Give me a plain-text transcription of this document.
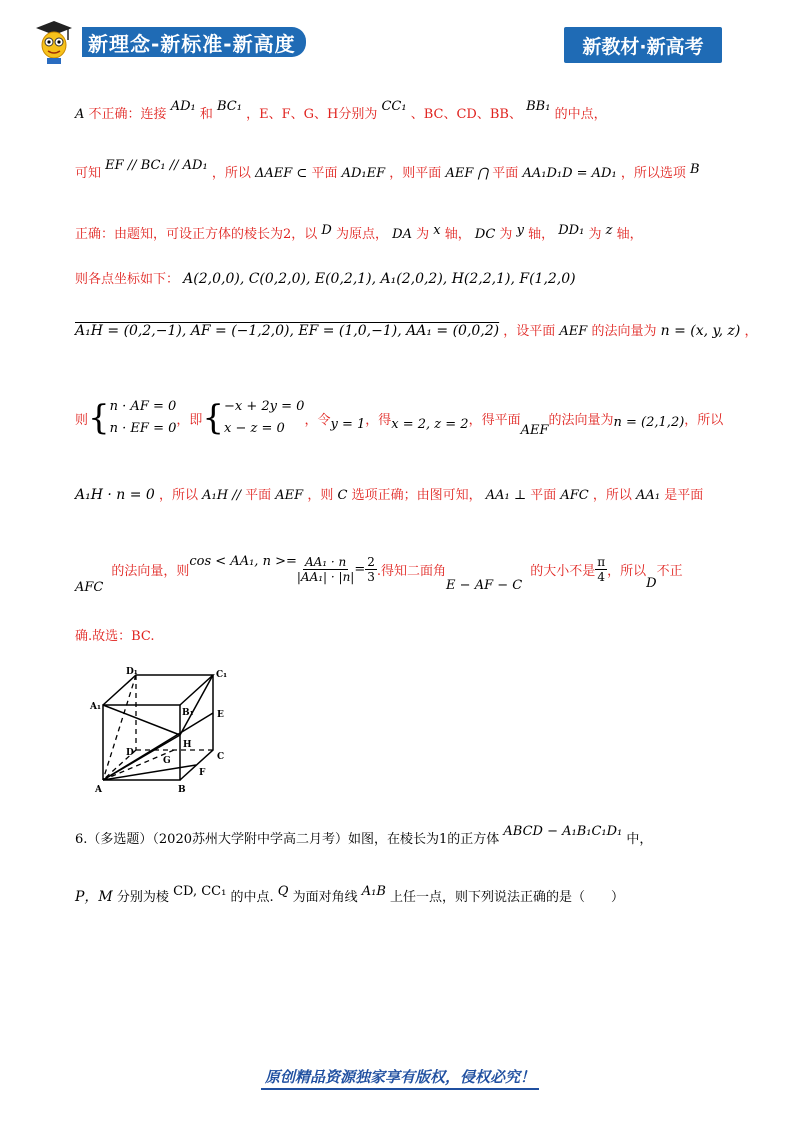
新理念-新标准-新高度	新教材·新高考
A 不正确：连接 AD₁ 和 BC₁ ，E、F、G、H分别为 CC₁ 、BC、CD、BB、 BB₁ 的中点，
可知 EF // BC₁ // AD₁ ，所以 ΔAEF ⊂ 平面 AD₁EF ，则平面 AEF ⋂ 平面 AA₁D₁D = AD₁ ，所以选项 B
正确：由题知，可设正方体的棱长为2，以 D 为原点， DA 为 x 轴， DC 为 y 轴， DD₁ 为 z 轴，
则各点坐标如下： A(2,0,0), C(0,2,0), E(0,2,1), A₁(2,0,2), H(2,2,1), F(1,2,0)
A₁H = (0,2,−1), AF = (−1,2,0), EF = (1,0,−1), AA₁ = (0,0,2) ，设平面 AEF 的法向量为 n = (x, y, z) ，
则 { n · AF = 0
n · EF = 0
，即 { −x + 2y = 0
x − z = 0
，令 y = 1 ，得 x = 2, z = 2 ，得平面
AEF
的法向量为 n = (2,1,2) ，所以
A₁H · n = 0 ，所以 A₁H // 平面 AEF ，则 C 选项正确；由图可知， AA₁ ⊥ 平面 AFC ，所以 AA₁ 是平面
AFC
的法向量，则
cos < AA₁, $n >= \frac{\text{AA₁ · n}}{\text{|AA₁| · |n|}} = \frac{2}{3}$ .得知二面角
E − AF − C
的大小不是 $\frac{\pi}{4}$ ，所以
D
不正
确.故选：BC.
D₁	C₁
A₁
B₁	E
H
D
G	C
F
A	B
6.（多选题）（2020苏州大学附中学高二月考）如图，在棱长为1的正方体 ABCD − A₁B₁C₁D₁ 中，
P，M 分别为棱 CD, CC₁ 的中点. Q 为面对角线 A₁B 上任一点，则下列说法正确的是（　　）
原创精品资源独家享有版权，侵权必究！
